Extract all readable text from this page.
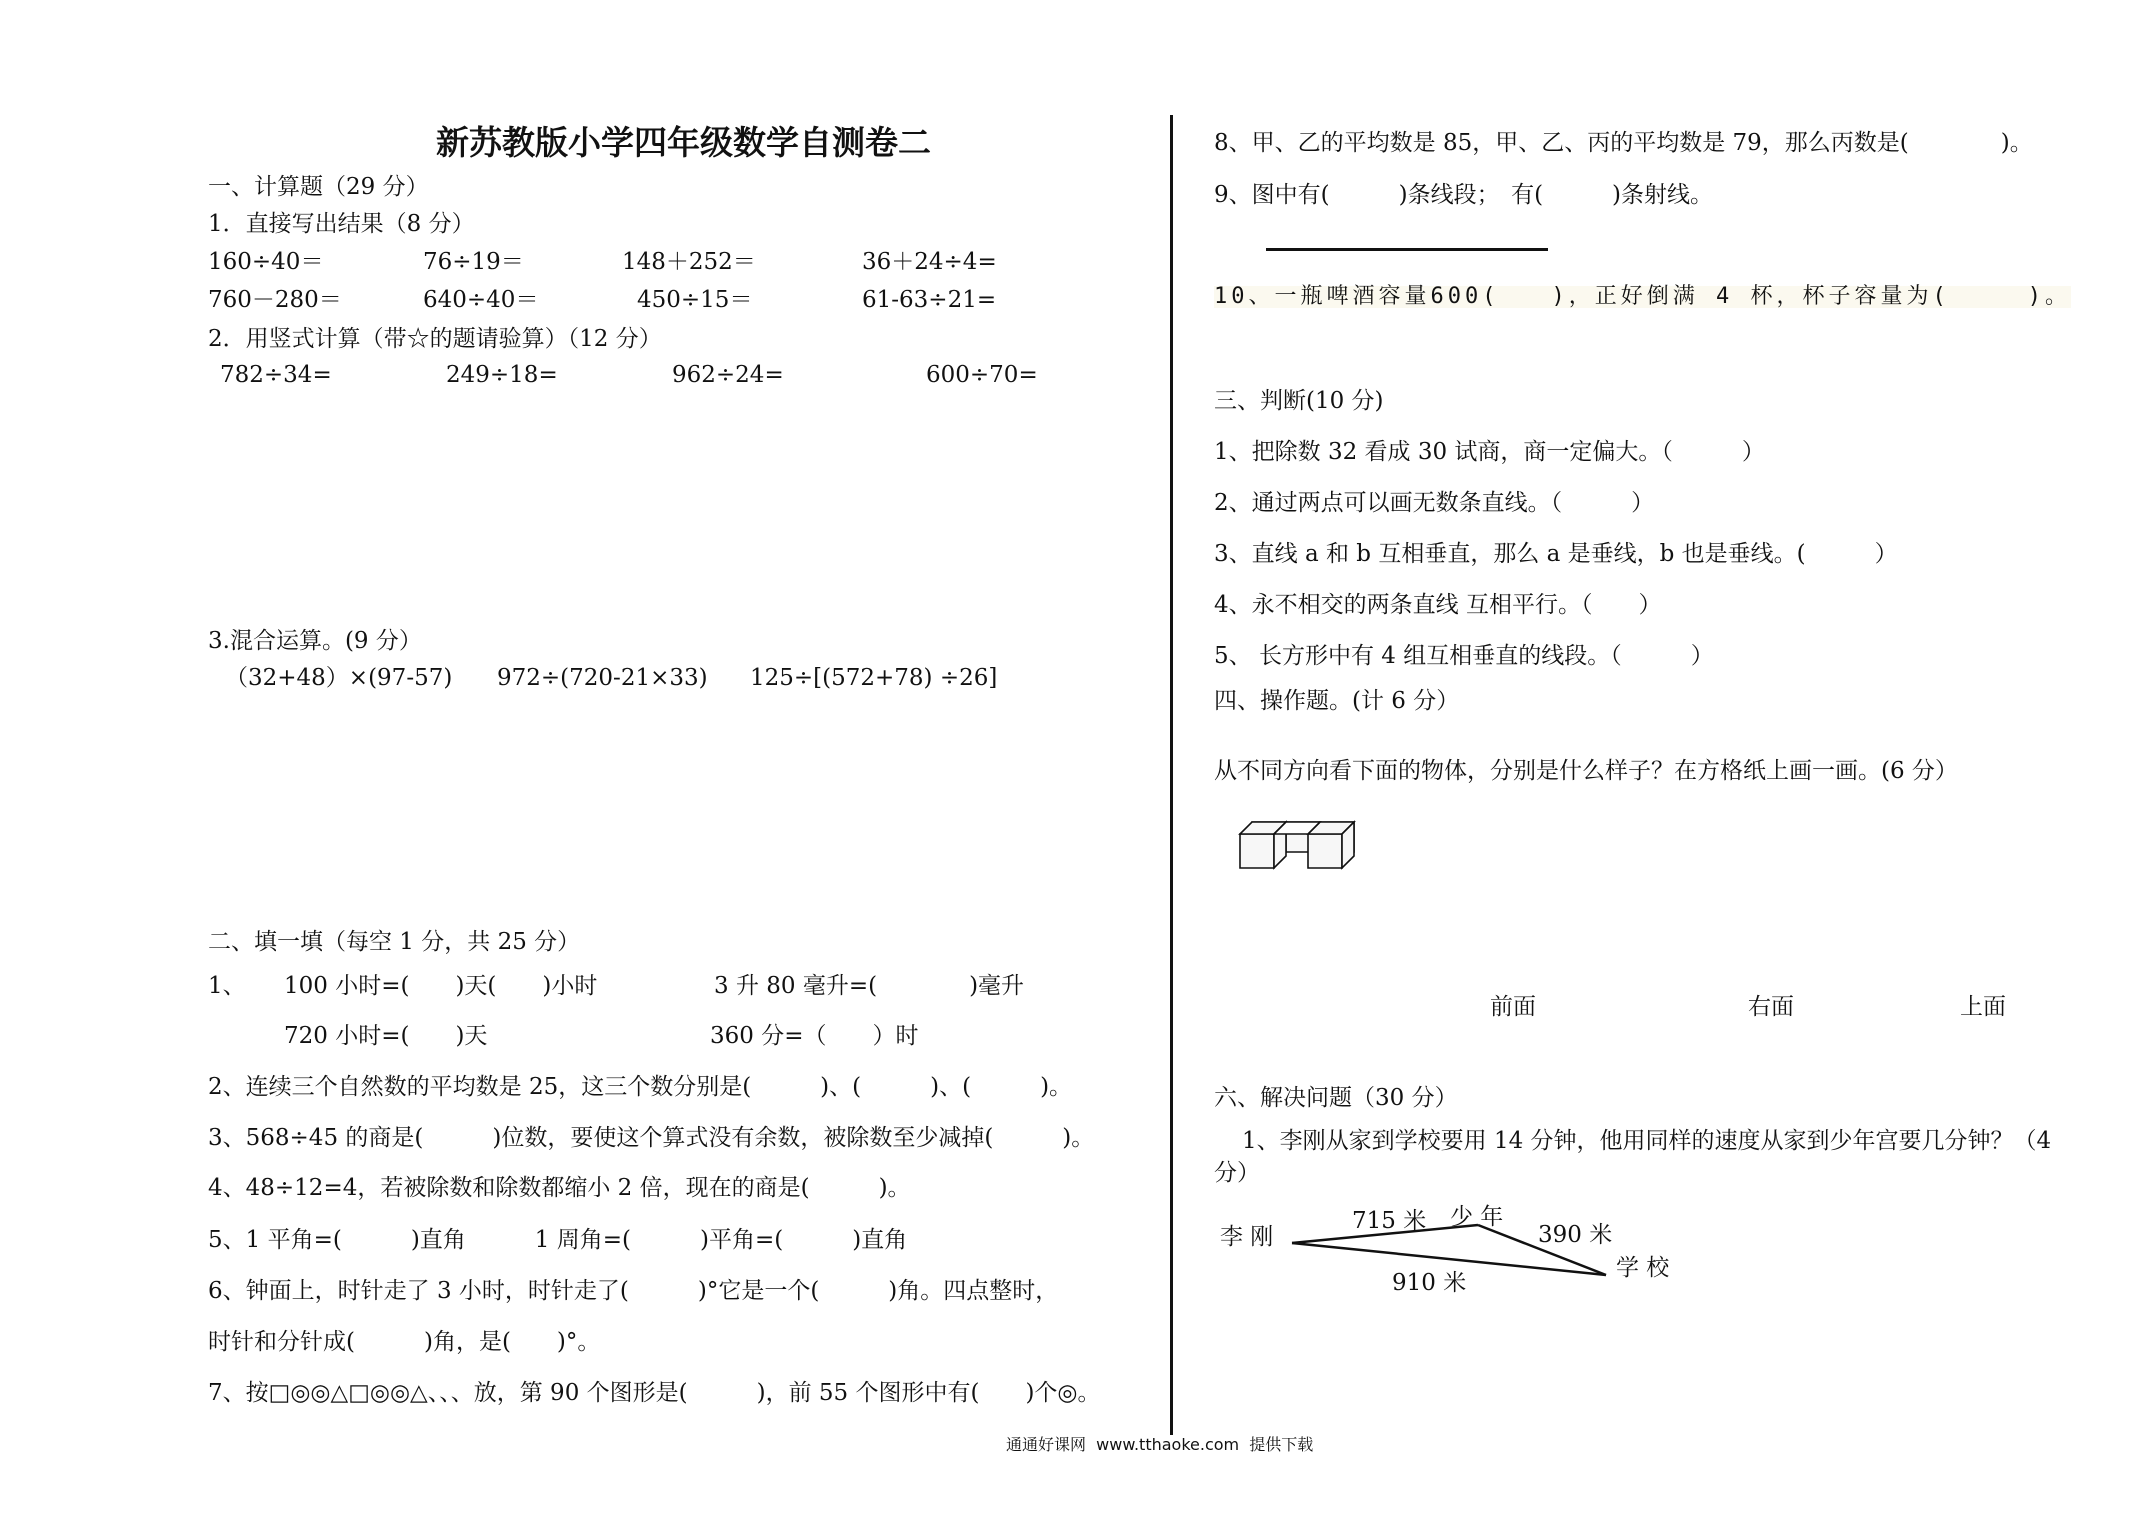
新苏教版小学四年级数学自测卷二
一、计算题（29 分）
1．直接写出结果（8 分）
160÷40＝	76÷19＝	148＋252＝	36＋24÷4=
760－280＝	640÷40＝	450÷15＝	61-63÷21=
2．用竖式计算（带☆的题请验算）（12 分）
782÷34=	249÷18=	962÷24=	600÷70=
3.混合运算。(9 分）
（32+48）×(97-57) 972÷(720-21×33) 125÷[(572+78) ÷26]
二、填一填（每空 1 分，共 25 分）
1、 100 小时=(　　)天(　　)小时	3 升 80 毫升=(　　　　)毫升
720 小时=(　　)天	360 分=（　　）时
2、连续三个自然数的平均数是 25，这三个数分别是(　　　)、(　　　)、(　　　)。
3、568÷45 的商是(　　　)位数，要使这个算式没有余数，被除数至少减掉(　　　)。
4、48÷12=4，若被除数和除数都缩小 2 倍，现在的商是(　　　)。
5、1 平角=(　　　)直角　　　1 周角=(　　　)平角=(　　　)直角
6、钟面上，时针走了 3 小时，时针走了(　　　)°它是一个(　　　)角。四点整时，
时针和分针成(　　　)角，是(　　)°。
7、按□◎◎△□◎◎△、、、放，第 90 个图形是(　　　)，前 55 个图形中有(　　)个◎。
8、甲、乙的平均数是 85，甲、乙、丙的平均数是 79，那么丙数是(　　　　)。
9、图中有(　　　)条线段；　有(　　　)条射线。
10、一瓶啤酒容量600(　　)，正好倒满 4 杯，杯子容量为(　　　)。
三、判断(10 分)
1、把除数 32 看成 30 试商，商一定偏大。（　　　）
2、通过两点可以画无数条直线。（　　　）
3、直线 a 和 b 互相垂直，那么 a 是垂线，b 也是垂线。(　　　）
4、永不相交的两条直线 互相平行。（　　）
5、 长方形中有 4 组互相垂直的线段。（　　　）
四、操作题。(计 6 分）
从不同方向看下面的物体，分别是什么样子？在方格纸上画一画。(6 分）
前面	右面	上面
六、解决问题（30 分）
1、李刚从家到学校要用 14 分钟，他用同样的速度从家到少年宫要几分钟？（4
分）
李 刚
少 年
学 校
715 米
390 米
910 米
通通好课网  www.tthaoke.com  提供下载
